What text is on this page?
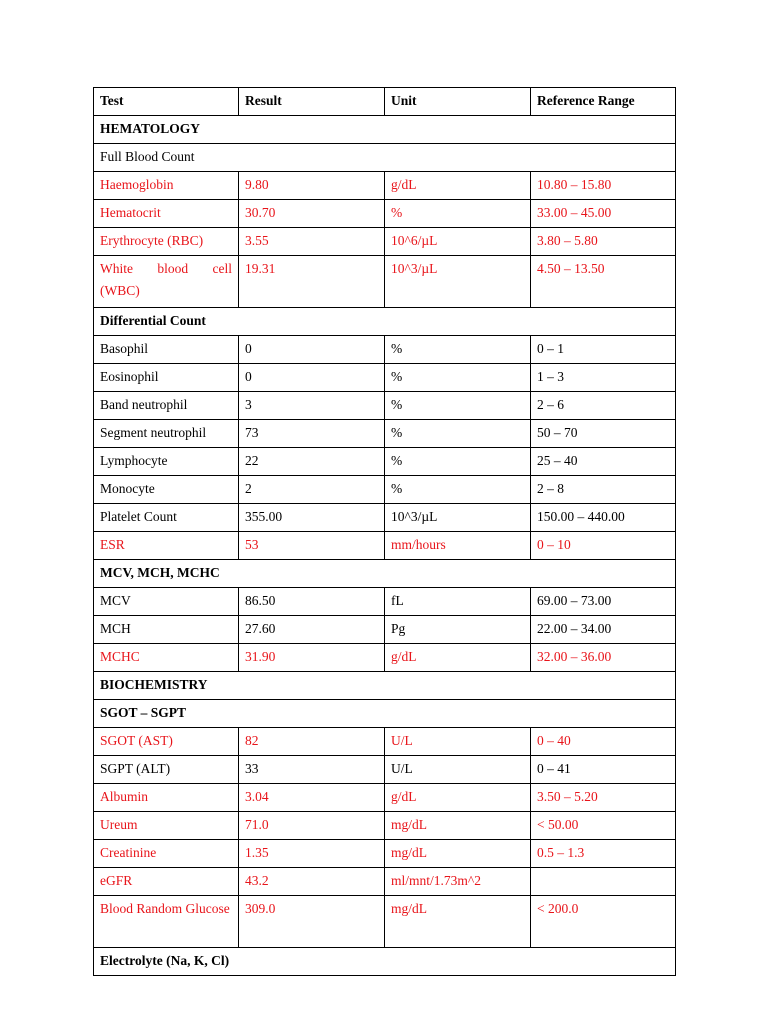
Test	Result	Unit	Reference Range
HEMATOLOGY			
Full Blood Count			
Haemoglobin	9.80	g/dL	10.80 – 15.80
Hematocrit	30.70	%	33.00 – 45.00
Erythrocyte (RBC)	3.55	10^6/µL	3.80 – 5.80
White blood cell (WBC)	19.31	10^3/µL	4.50 – 13.50
Differential Count			
Basophil	0	%	0 – 1
Eosinophil	0	%	1 – 3
Band neutrophil	3	%	2 – 6
Segment neutrophil	73	%	50 – 70
Lymphocyte	22	%	25 – 40
Monocyte	2	%	2 – 8
Platelet Count	355.00	10^3/µL	150.00 – 440.00
ESR	53	mm/hours	0 – 10
MCV, MCH, MCHC			
MCV	86.50	fL	69.00 – 73.00
MCH	27.60	Pg	22.00 – 34.00
MCHC	31.90	g/dL	32.00 – 36.00
BIOCHEMISTRY			
SGOT – SGPT			
SGOT (AST)	82	U/L	0 – 40
SGPT (ALT)	33	U/L	0 – 41
Albumin	3.04	g/dL	3.50 – 5.20
Ureum	71.0	mg/dL	< 50.00
Creatinine	1.35	mg/dL	0.5 – 1.3
eGFR	43.2	ml/mnt/1.73m^2	
Blood Random Glucose	309.0	mg/dL	< 200.0
Electrolyte (Na, K, Cl)			
